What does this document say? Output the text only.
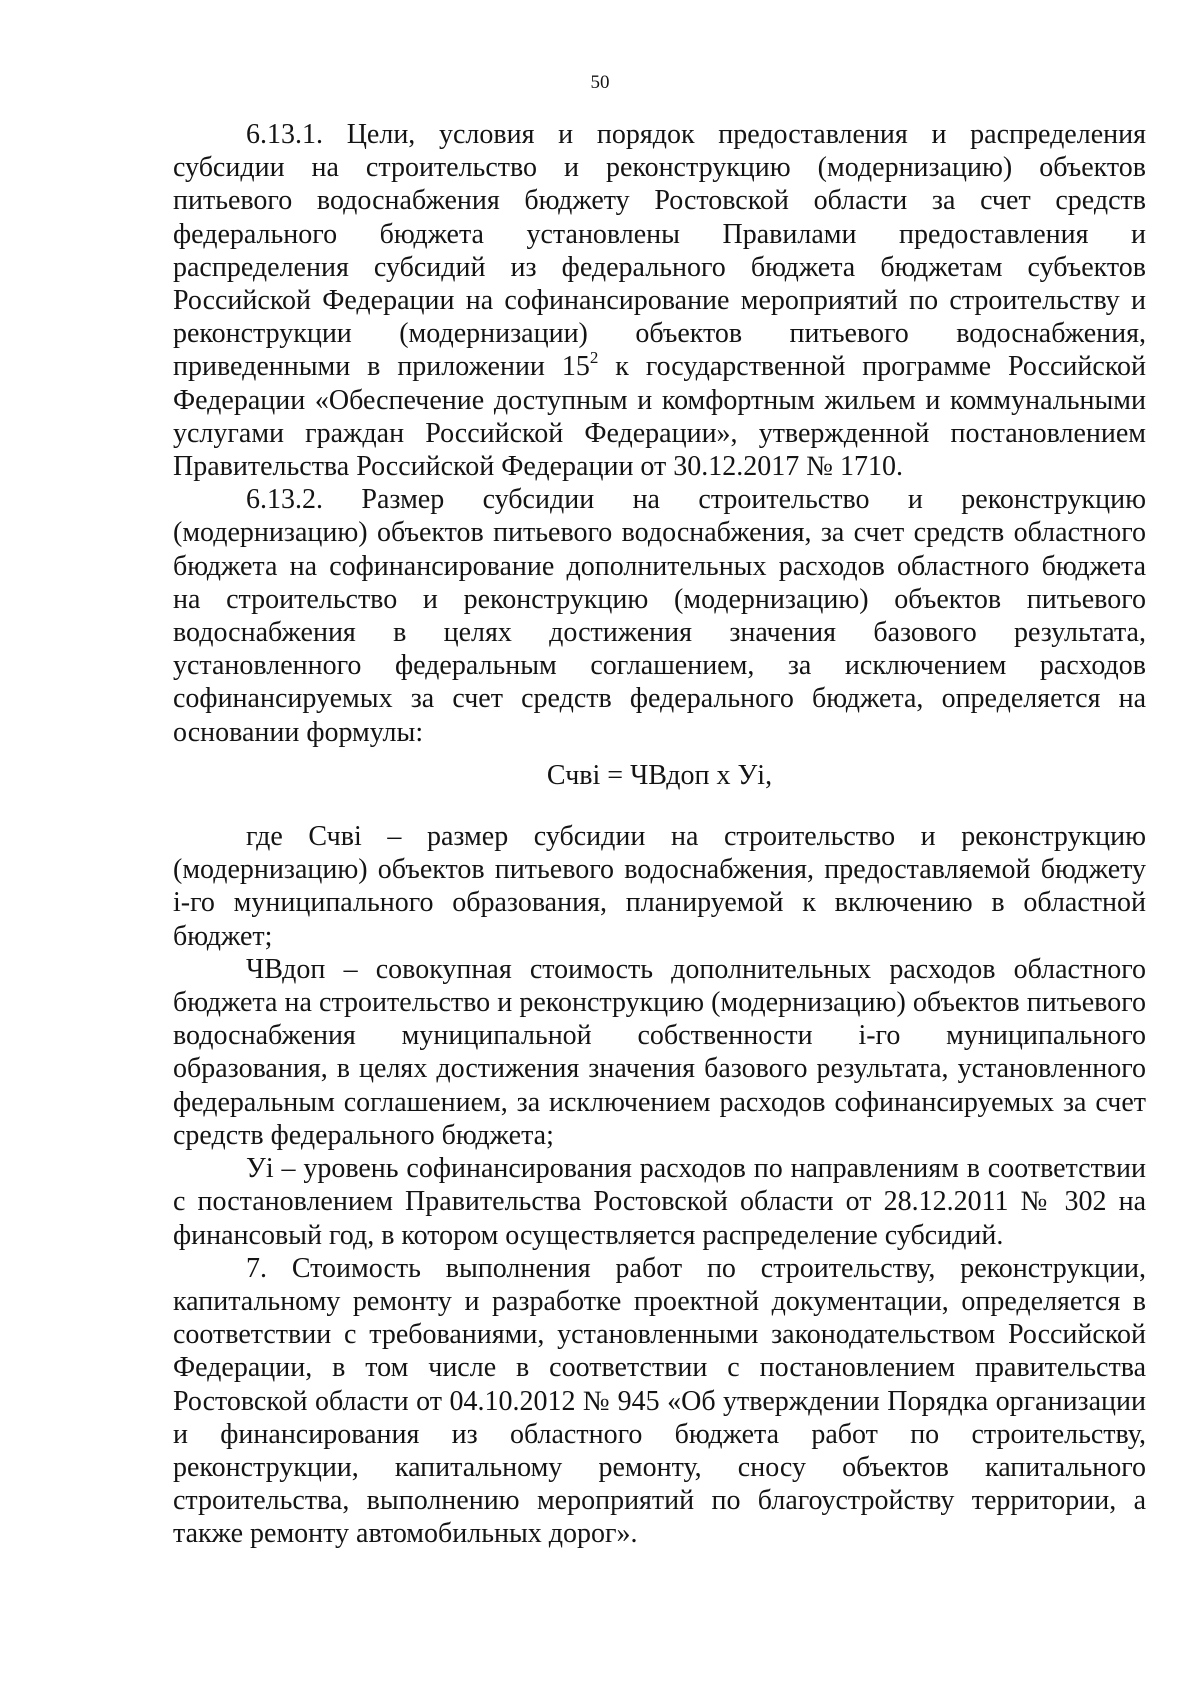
50

6.13.1. Цели, условия и порядок предоставления и распределения субсидии на строительство и реконструкцию (модернизацию) объектов питьевого водоснабжения бюджету Ростовской области за счет средств федерального бюджета установлены Правилами предоставления и распределения субсидий из федерального бюджета бюджетам субъектов Российской Федерации на софинансирование мероприятий по строительству и реконструкции (модернизации) объектов питьевого водоснабжения, приведенными в приложении $15^2$ к государственной программе Российской Федерации «Обеспечение доступным и комфортным жильем и коммунальными услугами граждан Российской Федерации», утвержденной постановлением Правительства Российской Федерации от 30.12.2017 № 1710.

6.13.2. Размер субсидии на строительство и реконструкцию (модернизацию) объектов питьевого водоснабжения, за счет средств областного бюджета на софинансирование дополнительных расходов областного бюджета на строительство и реконструкцию (модернизацию) объектов питьевого водоснабжения в целях достижения значения базового результата, установленного федеральным соглашением, за исключением расходов софинансируемых за счет средств федерального бюджета, определяется на основании формулы:

Счві = ЧВдоп х Уі,

где Счві – размер субсидии на строительство и реконструкцию (модернизацию) объектов питьевого водоснабжения, предоставляемой бюджету і-го муниципального образования, планируемой к включению в областной бюджет;

ЧВдоп – совокупная стоимость дополнительных расходов областного бюджета на строительство и реконструкцию (модернизацию) объектов питьевого водоснабжения муниципальной собственности і-го муниципального образования, в целях достижения значения базового результата, установленного федеральным соглашением, за исключением расходов софинансируемых за счет средств федерального бюджета;

Уі – уровень софинансирования расходов по направлениям в соответствии с постановлением Правительства Ростовской области от 28.12.2011 № 302 на финансовый год, в котором осуществляется распределение субсидий.

7. Стоимость выполнения работ по строительству, реконструкции, капитальному ремонту и разработке проектной документации, определяется в соответствии с требованиями, установленными законодательством Российской Федерации, в том числе в соответствии с постановлением правительства Ростовской области от 04.10.2012 № 945 «Об утверждении Порядка организации и финансирования из областного бюджета работ по строительству, реконструкции, капитальному ремонту, сносу объектов капитального строительства, выполнению мероприятий по благоустройству территории, а также ремонту автомобильных дорог».
